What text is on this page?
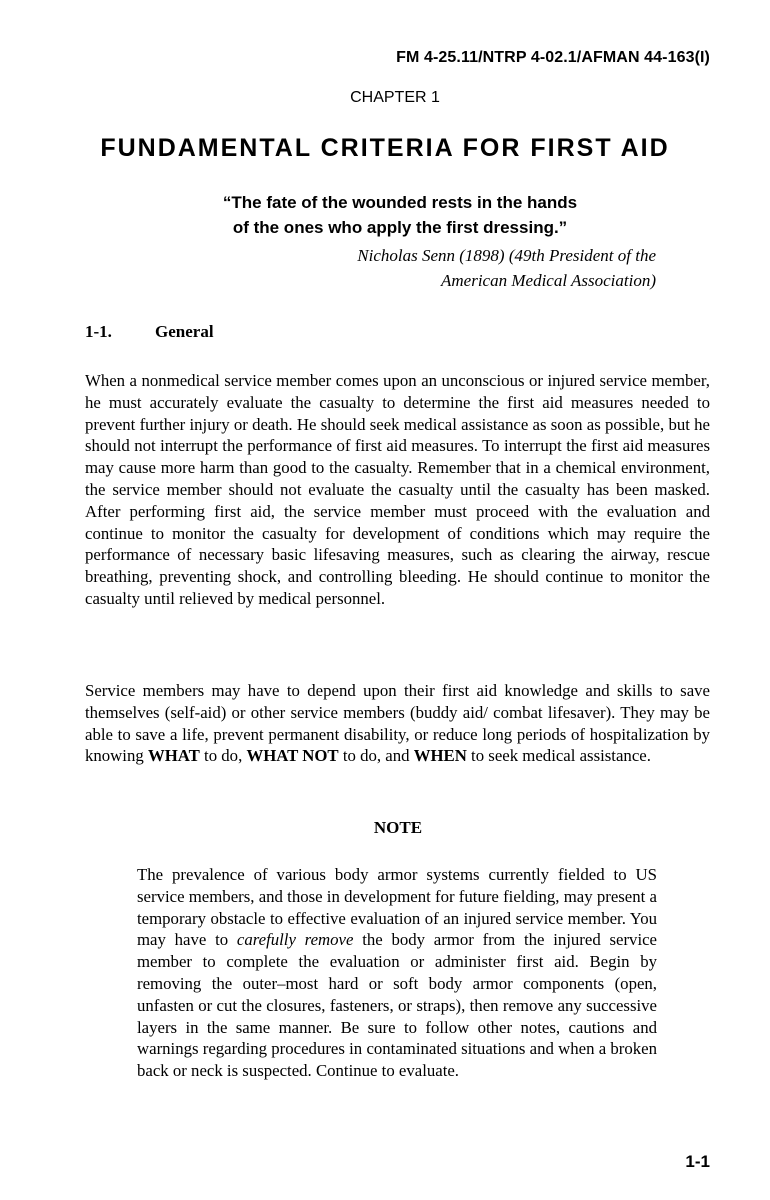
FM 4-25.11/NTRP 4-02.1/AFMAN 44-163(I)
CHAPTER 1
FUNDAMENTAL CRITERIA FOR FIRST AID
“The fate of the wounded rests in the hands
of the ones who apply the first dressing.”
Nicholas Senn (1898) (49th President of the
American Medical Association)
1-1.	General

When a nonmedical service member comes upon an unconscious or injured service member, he must accurately evaluate the casualty to determine the first aid measures needed to prevent further injury or death. He should seek medical assistance as soon as possible, but he should not interrupt the performance of first aid measures. To interrupt the first aid measures may cause more harm than good to the casualty. Remember that in a chemical environment, the service member should not evaluate the casualty until the casualty has been masked. After performing first aid, the service member must proceed with the evaluation and continue to monitor the casualty for development of conditions which may require the performance of necessary basic lifesaving measures, such as clearing the airway, rescue breathing, preventing shock, and controlling bleeding. He should continue to monitor the casualty until relieved by medical personnel.

Service members may have to depend upon their first aid knowledge and skills to save themselves (self-aid) or other service members (buddy aid/ combat lifesaver). They may be able to save a life, prevent permanent disability, or reduce long periods of hospitalization by knowing WHAT to do, WHAT NOT to do, and WHEN to seek medical assistance.

NOTE

The prevalence of various body armor systems currently fielded to US service members, and those in development for future fielding, may present a temporary obstacle to effective evaluation of an injured service member. You may have to carefully remove the body armor from the injured service member to complete the evaluation or administer first aid. Begin by removing the outer–most hard or soft body armor components (open, unfasten or cut the closures, fasteners, or straps), then remove any successive layers in the same manner. Be sure to follow other notes, cautions and warnings regarding procedures in contaminated situations and when a broken back or neck is suspected. Continue to evaluate.

1-1
